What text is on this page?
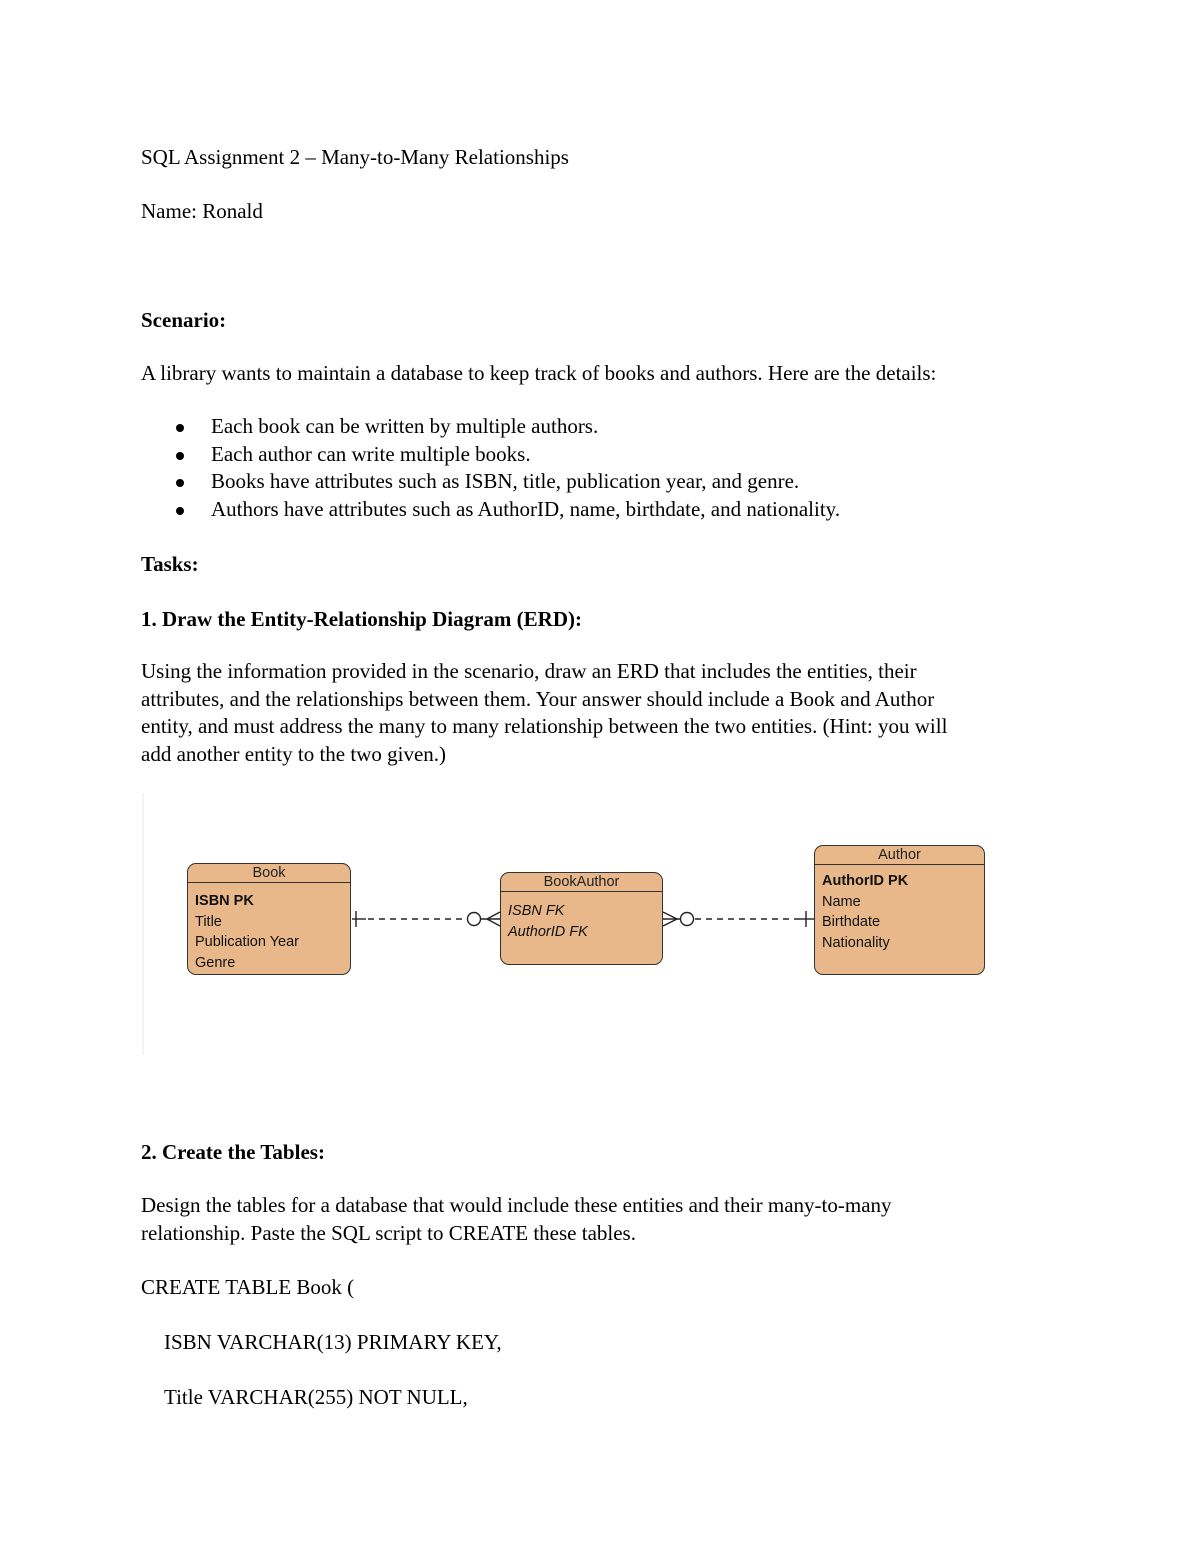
SQL Assignment 2 – Many-to-Many Relationships
Name: Ronald
Scenario:
A library wants to maintain a database to keep track of books and authors. Here are the details:
Each book can be written by multiple authors.
Each author can write multiple books.
Books have attributes such as ISBN, title, publication year, and genre.
Authors have attributes such as AuthorID, name, birthdate, and nationality.
Tasks:
1. Draw the Entity-Relationship Diagram (ERD):
Using the information provided in the scenario, draw an ERD that includes the entities, their
attributes, and the relationships between them. Your answer should include a Book and Author
entity, and must address the many to many relationship between the two entities. (Hint: you will
add another entity to the two given.)
Book
ISBN PK
Title
Publication Year
Genre
BookAuthor
ISBN FK
AuthorID FK
Author
AuthorID PK
Name
Birthdate
Nationality
2. Create the Tables:
Design the tables for a database that would include these entities and their many-to-many
relationship. Paste the SQL script to CREATE these tables.
CREATE TABLE Book (
ISBN VARCHAR(13) PRIMARY KEY,
Title VARCHAR(255) NOT NULL,
